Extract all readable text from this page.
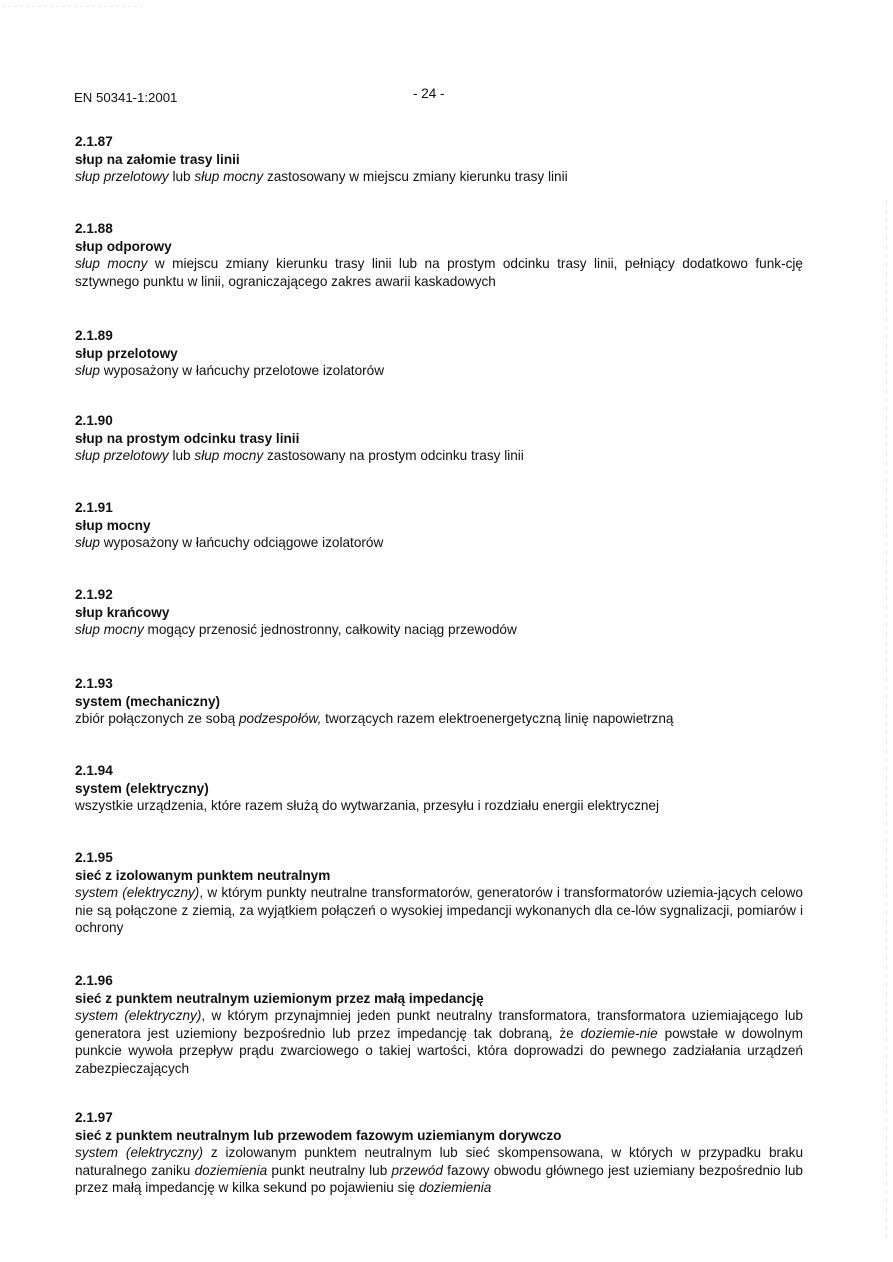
EN 50341-1:2001	- 24 -
2.1.87
słup na załomie trasy linii
słup przelotowy lub słup mocny zastosowany w miejscu zmiany kierunku trasy linii
2.1.88
słup odporowy
słup mocny w miejscu zmiany kierunku trasy linii lub na prostym odcinku trasy linii, pełniący dodatkowo funk-cję sztywnego punktu w linii, ograniczającego zakres awarii kaskadowych
2.1.89
słup przelotowy
słup wyposażony w łańcuchy przelotowe izolatorów
2.1.90
słup na prostym odcinku trasy linii
słup przelotowy lub słup mocny zastosowany na prostym odcinku trasy linii
2.1.91
słup mocny
słup wyposażony w łańcuchy odciągowe izolatorów
2.1.92
słup krańcowy
słup mocny mogący przenosić jednostronny, całkowity naciąg przewodów
2.1.93
system (mechaniczny)
zbiór połączonych ze sobą podzespołów, tworzących razem elektroenergetyczną linię napowietrzną
2.1.94
system (elektryczny)
wszystkie urządzenia, które razem służą do wytwarzania, przesyłu i rozdziału energii elektrycznej
2.1.95
sieć z izolowanym punktem neutralnym
system (elektryczny), w którym punkty neutralne transformatorów, generatorów i transformatorów uziemia-jących celowo nie są połączone z ziemią, za wyjątkiem połączeń o wysokiej impedancji wykonanych dla ce-lów sygnalizacji, pomiarów i ochrony
2.1.96
sieć z punktem neutralnym uziemionym przez małą impedancję
system (elektryczny), w którym przynajmniej jeden punkt neutralny transformatora, transformatora uziemiającego lub generatora jest uziemiony bezpośrednio lub przez impedancję tak dobraną, że doziemie-nie powstałe w dowolnym punkcie wywoła przepływ prądu zwarciowego o takiej wartości, która doprowadzi do pewnego zadziałania urządzeń zabezpieczających
2.1.97
sieć z punktem neutralnym lub przewodem fazowym uziemianym dorywczo
system (elektryczny) z izolowanym punktem neutralnym lub sieć skompensowana, w których w przypadku braku naturalnego zaniku doziemienia punkt neutralny lub przewód fazowy obwodu głównego jest uziemiany bezpośrednio lub przez małą impedancję w kilka sekund po pojawieniu się doziemienia
